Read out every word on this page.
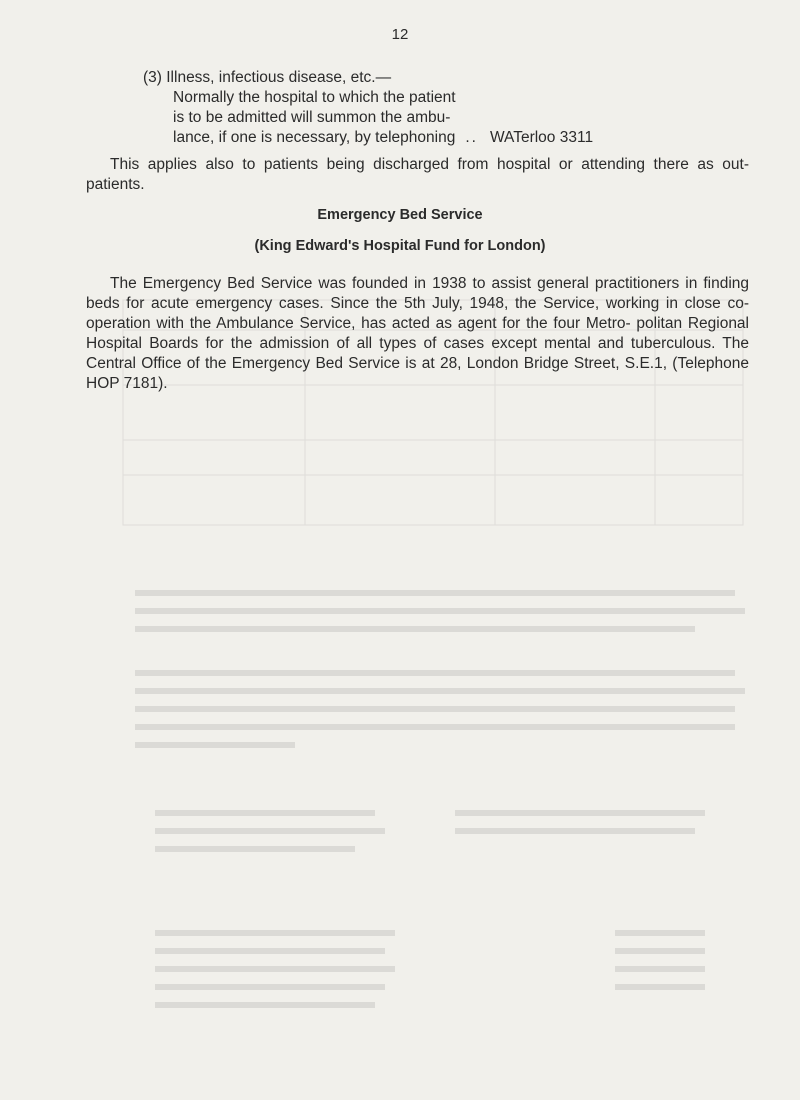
12
(3) Illness, infectious disease, etc.—
Normally the hospital to which the patient
is to be admitted will summon the ambu-
lance, if one is necessary, by telephoning .. WATerloo 3311

This applies also to patients being discharged from hospital or attending there as out-patients.

Emergency Bed Service
(King Edward's Hospital Fund for London)

The Emergency Bed Service was founded in 1938 to assist general practitioners in finding beds for acute emergency cases. Since the 5th July, 1948, the Service, working in close co-operation with the Ambulance Service, has acted as agent for the four Metro- politan Regional Hospital Boards for the admission of all types of cases except mental and tuberculous. The Central Office of the Emergency Bed Service is at 28, London Bridge Street, S.E.1, (Telephone HOP 7181).
